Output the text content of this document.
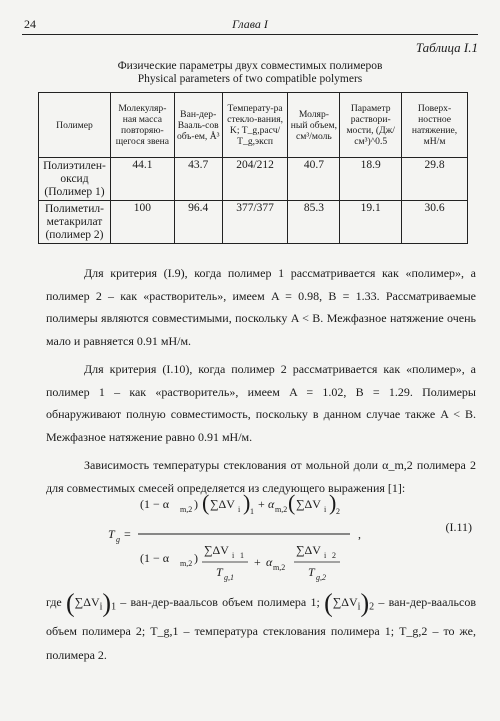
24	Глава I
Таблица I.1
Физические параметры двух совместимых полимеров
Physical parameters of two compatible polymers
Полимер	Молекуляр-ная масса повторяю-щегося звена	Ван-дер-Вааль-сов объ-ем, Å³	Температу-ра стекло-вания, K; T_g,расч/ T_g,эксп	Моляр-ный объем, см³/моль	Параметр раствори-мости, (Дж/см³)^0.5	Поверх-ностное натяжение, мН/м
Полиэтилен-оксид (Полимер 1)	44.1	43.7	204/212	40.7	18.9	29.8
Полиметил-метакрилат (полимер 2)	100	96.4	377/377	85.3	19.1	30.6

Для критерия (I.9), когда полимер 1 рассматривается как «полимер», а полимер 2 – как «растворитель», имеем A = 0.98, B = 1.33. Рассматриваемые полимеры являются совместимыми, поскольку A < B. Межфазное натяжение очень мало и равняется 0.91 мН/м.

Для критерия (I.10), когда полимер 2 рассматривается как «полимер», а полимер 1 – как «растворитель», имеем A = 1.02, B = 1.29. Полимеры обнаруживают полную совместимость, поскольку в данном случае также A < B. Межфазное натяжение равно 0.91 мН/м.

Зависимость температуры стеклования от мольной доли α_m,2 полимера 2 для совместимых смесей определяется из следующего выражения [1]:

T g =
(1 − α m,2 ) ( ∑ΔV i ) 1
+ α m,2 ( ∑ΔV i ) 2
(1 − α m,2 )
∑ΔV i 1
T g,1
+ α m,2
∑ΔV i 2
T g,2
,	(I.11)
где $(\sum\Delta V_i)_1$ – ван-дер-ваальсов объем полимера 1; $(\sum\Delta V_i)_2$ – ван-дер-ваальсов объем полимера 2; T_g,1 – температура стеклования полимера 1; T_g,2 – то же, полимера 2.
